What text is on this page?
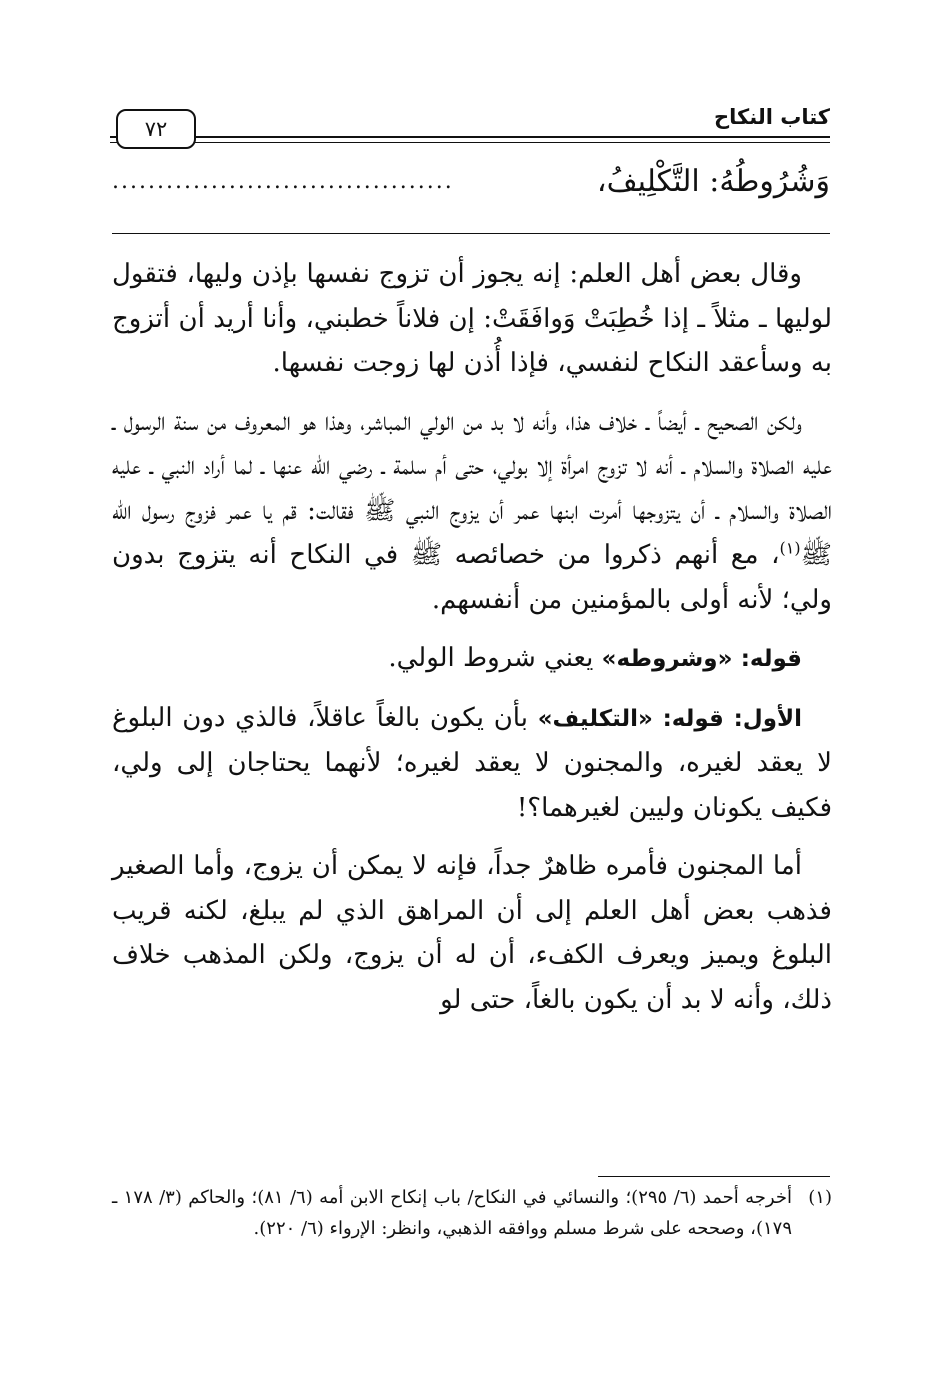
كتاب النكاح
٧٢
وَشُرُوطُهُ: التَّكْلِيفُ،
......................................

وقال بعض أهل العلم: إنه يجوز أن تزوج نفسها بإذن وليها، فتقول لوليها ـ مثلاً ـ إذا خُطِبَتْ وَوافَقَتْ: إن فلاناً خطبني، وأنا أريد أن أتزوج به وسأعقد النكاح لنفسي، فإذا أُذن لها زوجت نفسها.

ولكن الصحيح ـ أيضاً ـ خلاف هذا، وأنه لا بد من الولي المباشر، وهذا هو المعروف من سنة الرسول ـ عليه الصلاة والسلام ـ أنه لا تزوج امرأة إلا بولي، حتى أم سلمة ـ رضي الله عنها ـ لما أراد النبي ـ عليه الصلاة والسلام ـ أن يتزوجها أمرت ابنها عمر أن يزوج النبي ﷺ فقالت: قم يا عمر فزوج رسول الله ﷺ$^{(١)}$، مع أنهم ذكروا من خصائصه ﷺ في النكاح أنه يتزوج بدون ولي؛ لأنه أولى بالمؤمنين من أنفسهم.

قوله: «وشروطه» يعني شروط الولي.

الأول: قوله: «التكليف» بأن يكون بالغاً عاقلاً، فالذي دون البلوغ لا يعقد لغيره، والمجنون لا يعقد لغيره؛ لأنهما يحتاجان إلى ولي، فكيف يكونان وليين لغيرهما؟!

أما المجنون فأمره ظاهرٌ جداً، فإنه لا يمكن أن يزوج، وأما الصغير فذهب بعض أهل العلم إلى أن المراهق الذي لم يبلغ، لكنه قريب البلوغ ويميز ويعرف الكفء، أن له أن يزوج، ولكن المذهب خلاف ذلك، وأنه لا بد أن يكون بالغاً، حتى لو

(١)
أخرجه أحمد (٦/ ٢٩٥)؛ والنسائي في النكاح/ باب إنكاح الابن أمه (٦/ ٨١)؛ والحاكم (٣/ ١٧٨ ـ ١٧٩)، وصححه على شرط مسلم ووافقه الذهبي، وانظر: الإرواء (٦/ ٢٢٠).
